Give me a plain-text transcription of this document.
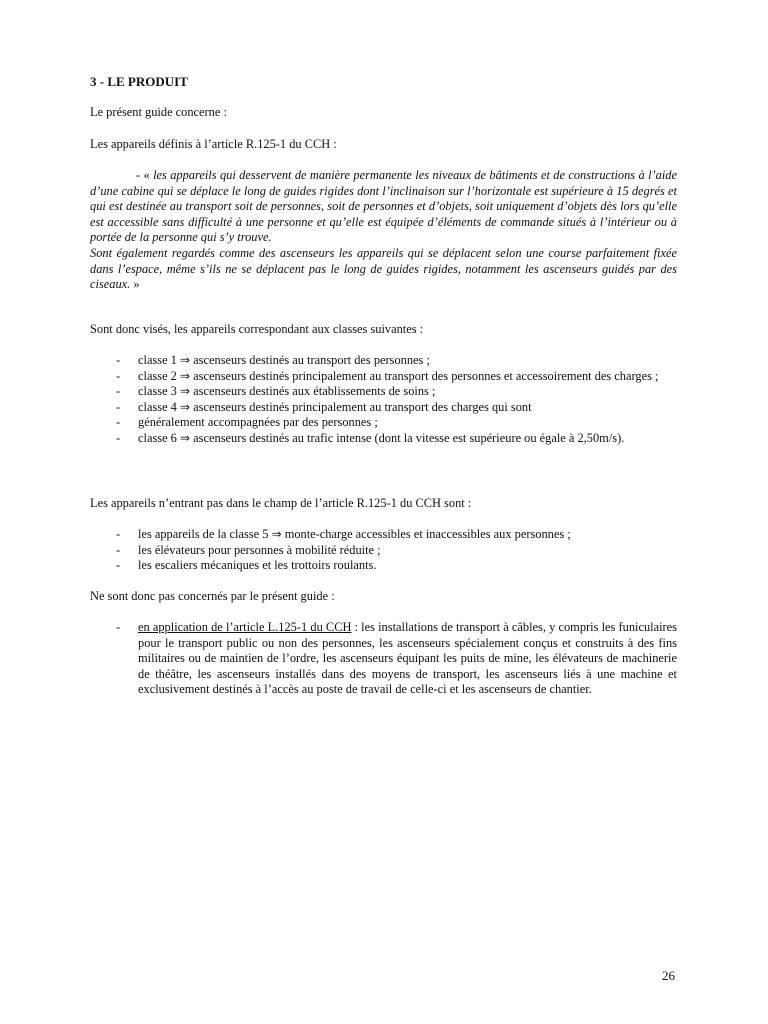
3 - LE PRODUIT

Le présent guide concerne :

Les appareils définis à l’article R.125-1 du CCH :

- « les appareils qui desservent de manière permanente les niveaux de bâtiments et de constructions à l’aide d’une cabine qui se déplace le long de guides rigides dont l’inclinaison sur l’horizontale est supérieure à 15 degrés et qui est destinée au transport soit de personnes, soit de personnes et d’objets, soit uniquement d’objets dès lors qu’elle est accessible sans difficulté à une personne et qu’elle est équipée d’éléments de commande situés à l’intérieur ou à portée de la personne qui s’y trouve.
Sont également regardés comme des ascenseurs les appareils qui se déplacent selon une course parfaitement fixée dans l’espace, même s’ils ne se déplacent pas le long de guides rigides, notamment les ascenseurs guidés par des ciseaux. »

Sont donc visés, les appareils correspondant aux classes suivantes :

- classe 1 ⇒ ascenseurs destinés au transport des personnes ;
- classe 2 ⇒ ascenseurs destinés principalement au transport des personnes et accessoirement des charges ;
- classe 3 ⇒ ascenseurs destinés aux établissements de soins ;
- classe 4 ⇒ ascenseurs destinés principalement au transport des charges qui sont
- généralement accompagnées par des personnes ;
- classe 6 ⇒ ascenseurs destinés au trafic intense (dont la vitesse est supérieure ou égale à 2,50m/s).

Les appareils n’entrant pas dans le champ de l’article R.125-1 du CCH sont :

- les appareils de la classe 5 ⇒ monte-charge accessibles et inaccessibles aux personnes ;
- les élévateurs pour personnes à mobilité réduite ;
- les escaliers mécaniques et les trottoirs roulants.

Ne sont donc pas concernés par le présent guide :

- en application de l’article L.125-1 du CCH : les installations de transport à câbles, y compris les funiculaires pour le transport public ou non des personnes, les ascenseurs spécialement conçus et construits à des fins militaires ou de maintien de l’ordre, les ascenseurs équipant les puits de mine, les élévateurs de machinerie de théâtre, les ascenseurs installés dans des moyens de transport, les ascenseurs liés à une machine et exclusivement destinés à l’accès au poste de travail de celle-ci et les ascenseurs de chantier.
26
